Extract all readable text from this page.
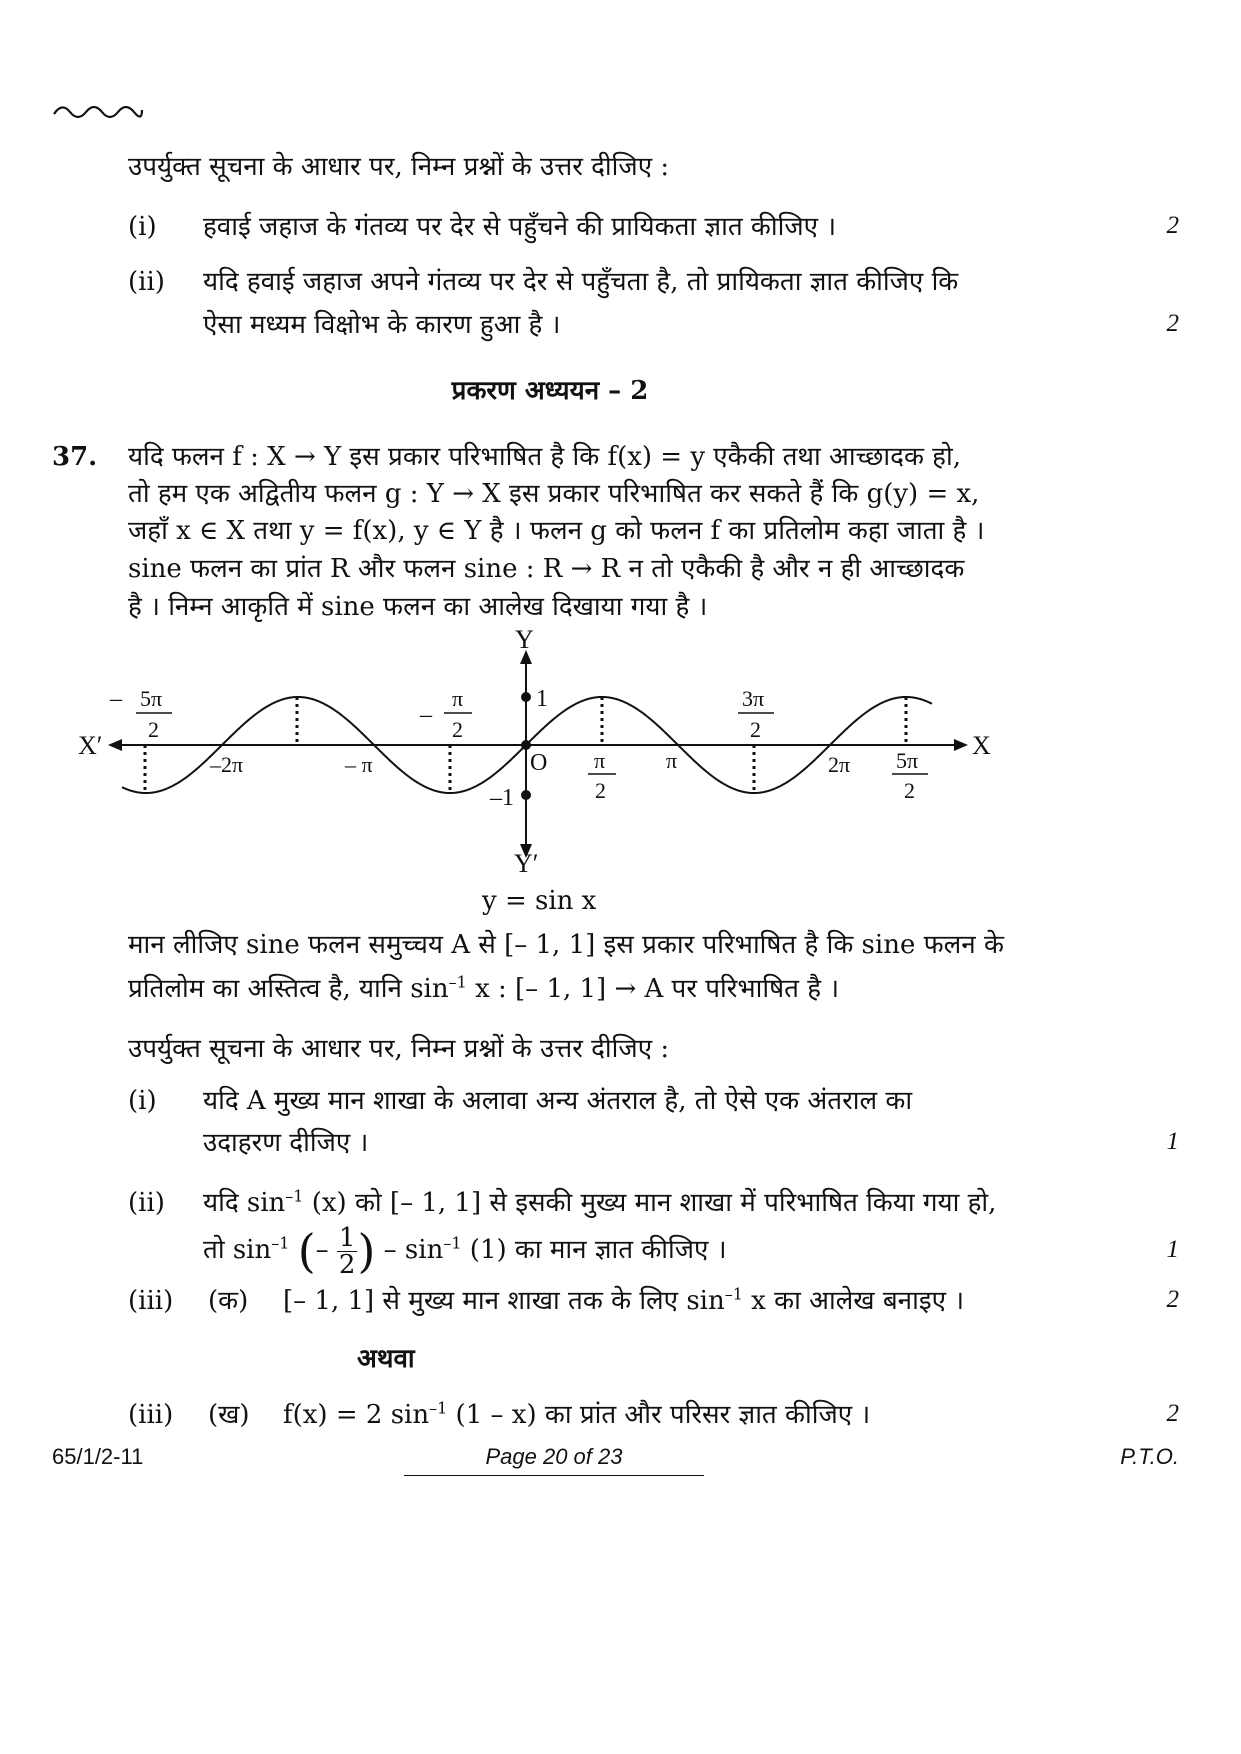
उपर्युक्त सूचना के आधार पर, निम्न प्रश्नों के उत्तर दीजिए :
(i) हवाई जहाज के गंतव्य पर देर से पहुँचने की प्रायिकता ज्ञात कीजिए ।	2
(ii) यदि हवाई जहाज अपने गंतव्य पर देर से पहुँचता है, तो प्रायिकता ज्ञात कीजिए कि
ऐसा मध्यम विक्षोभ के कारण हुआ है ।	2
प्रकरण अध्ययन – 2
37. यदि फलन f : X → Y इस प्रकार परिभाषित है कि f(x) = y एकैकी तथा आच्छादक हो,
तो हम एक अद्वितीय फलन g : Y → X इस प्रकार परिभाषित कर सकते हैं कि g(y) = x,
जहाँ x ∈ X तथा y = f(x), y ∈ Y है । फलन g को फलन f का प्रतिलोम कहा जाता है ।
sine फलन का प्रांत R और फलन sine : R → R न तो एकैकी है और न ही आच्छादक
है । निम्न आकृति में sine फलन का आलेख दिखाया गया है ।
Y
Y′
X′	X
O
1
–1
– 5π
2
–2π	– π
–
π
2
π
2
π
3π
2
2π 5π
2
y = sin x
मान लीजिए sine फलन समुच्चय A से [– 1, 1] इस प्रकार परिभाषित है कि sine फलन के
प्रतिलोम का अस्तित्व है, यानि $\sin^{-1} x$ : [– 1, 1] → A पर परिभाषित है ।
उपर्युक्त सूचना के आधार पर, निम्न प्रश्नों के उत्तर दीजिए :
(i) यदि A मुख्य मान शाखा के अलावा अन्य अंतराल है, तो ऐसे एक अंतराल का
उदाहरण दीजिए ।	1
(ii) यदि $\sin^{-1} (x)$ को [– 1, 1] से इसकी मुख्य मान शाखा में परिभाषित किया गया हो,
तो $\sin^{-1}$ (– $\frac{1}{2}$ ) – $\sin^{-1} (1)$ का मान ज्ञात कीजिए ।	1
(iii) (क) [– 1, 1] से मुख्य मान शाखा तक के लिए $\sin^{-1} x$ का आलेख बनाइए ।	2
अथवा
(iii) (ख) f(x) = 2 $\sin^{-1} (1 - x)$ का प्रांत और परिसर ज्ञात कीजिए ।	2
65/1/2-11	Page 20 of 23	P.T.O.
